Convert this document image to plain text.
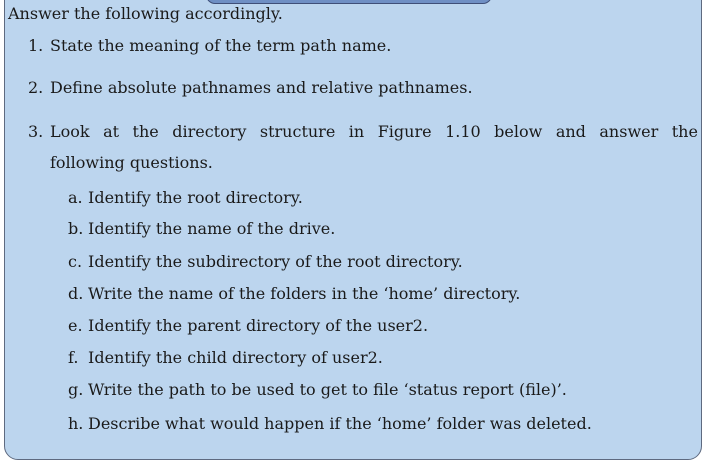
Answer the following accordingly.
1. State the meaning of the term path name.
2. Define absolute pathnames and relative pathnames.
3. Look at the directory structure in Figure 1.10 below and answer the
following questions.
a. Identify the root directory.
b. Identify the name of the drive.
c. Identify the subdirectory of the root directory.
d. Write the name of the folders in the ‘home’ directory.
e. Identify the parent directory of the user2.
f. Identify the child directory of user2.
g. Write the path to be used to get to file ‘status report (file)’.
h. Describe what would happen if the ‘home’ folder was deleted.
